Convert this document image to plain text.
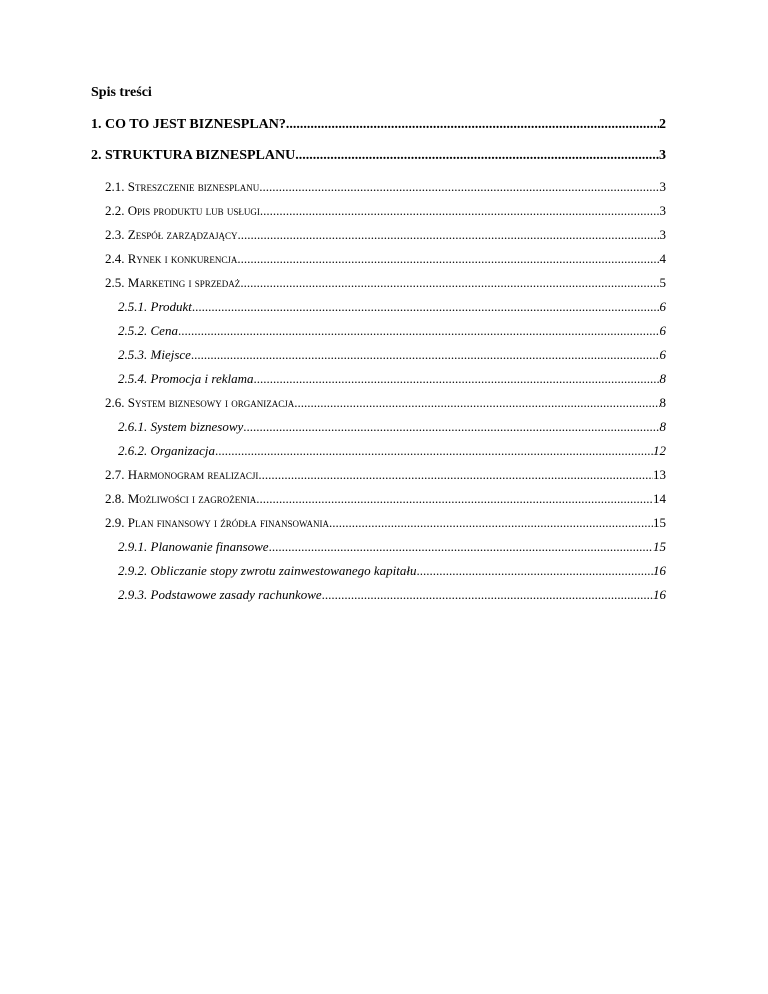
Spis treści
1. CO TO JEST BIZNESPLAN? .....	2
2. STRUKTURA BIZNESPLANU .....	3
2.1. Streszczenie biznesplanu. .....	3
2.2. Opis produktu lub usługi .....	3
2.3. Zespół zarządzający .....	3
2.4. Rynek i konkurencja .....	4
2.5. Marketing i sprzedaż .....	5
2.5.1. Produkt .....	6
2.5.2. Cena .....	6
2.5.3. Miejsce .....	6
2.5.4. Promocja i reklama .....	8
2.6. System biznesowy i organizacja .....	8
2.6.1. System biznesowy .....	8
2.6.2. Organizacja .....	12
2.7. Harmonogram realizacji .....	13
2.8. Możliwości i zagrożenia .....	14
2.9. Plan finansowy i źródła finansowania .....	15
2.9.1. Planowanie finansowe .....	15
2.9.2. Obliczanie stopy zwrotu zainwestowanego kapitału .....	16
2.9.3. Podstawowe zasady rachunkowe .....	16
